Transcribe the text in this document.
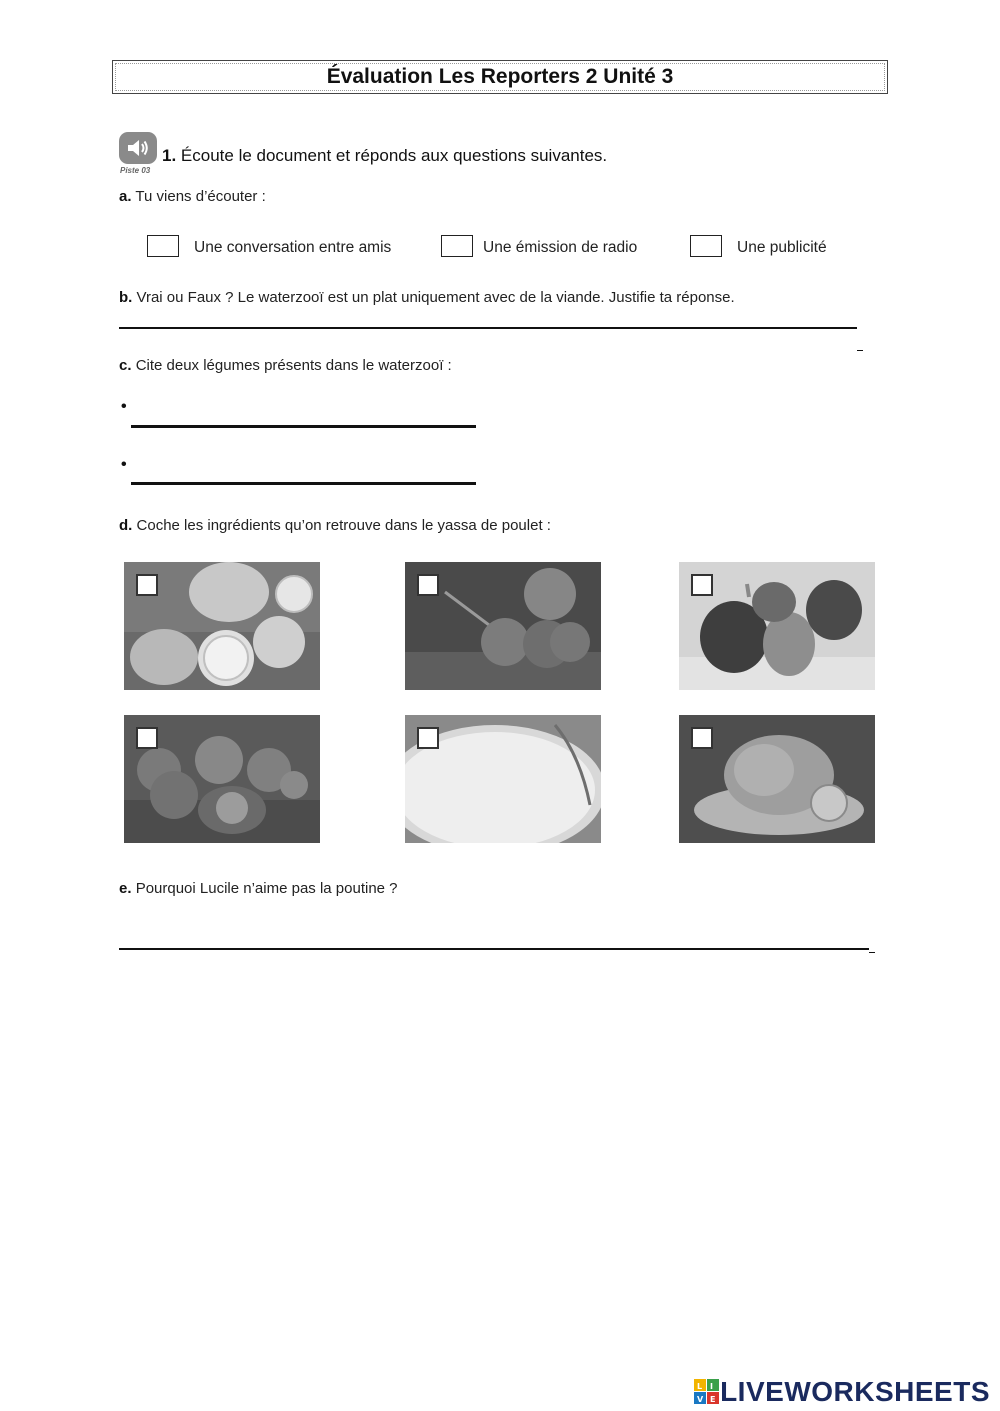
Évaluation Les Reporters 2 Unité 3
Piste 03
1. Écoute le document et réponds aux questions suivantes.
a. Tu viens d’écouter :
Une conversation entre amis	Une émission de radio	Une publicité
b. Vrai ou Faux ? Le waterzooï est un plat uniquement avec de la viande. Justifie ta réponse.
c. Cite deux légumes présents dans le waterzooï :
•
•
d. Coche les ingrédients qu’on retrouve dans le yassa de poulet :
e. Pourquoi Lucile n’aime pas la poutine ?
L I
V E LIVEWORKSHEETS
